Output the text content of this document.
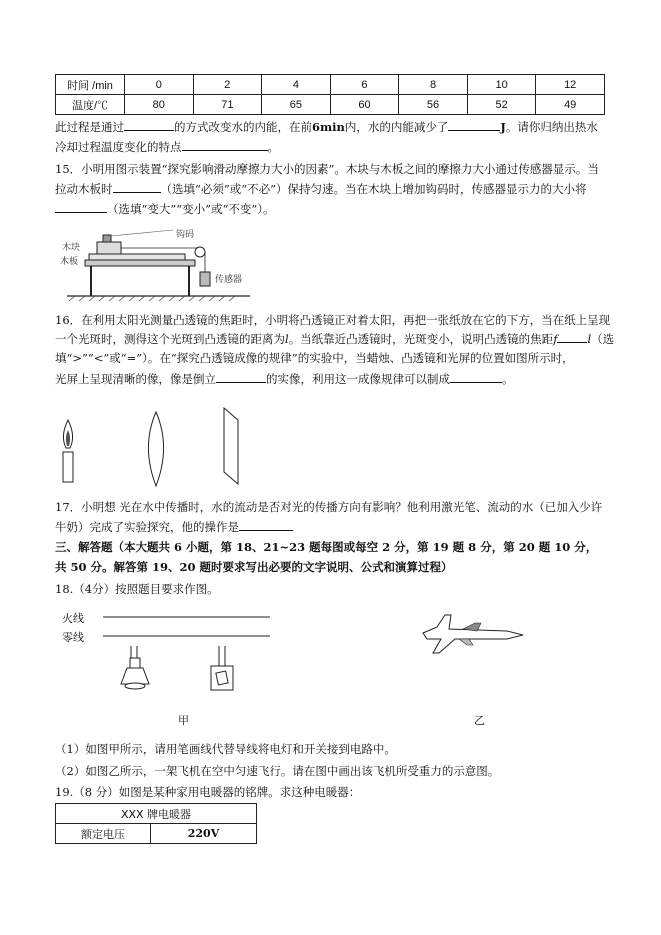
时间 /min	0	2	4	6	8	10	12
温度/℃	80	71	65	60	56	52	49
此过程是通过	的方式改变水的内能，在前6min内，水的内能减少了	J。请你归纳出热水
冷却过程温度变化的特点	。
15．小明用图示装置“探究影响滑动摩擦力大小的因素”。木块与木板之间的摩擦力大小通过传感器显示。当
拉动木板时	（选填“必须”或“不必”）保持匀速。当在木块上增加钩码时，传感器显示力的大小将
（选填“变大”“变小”或“不变”）。
钩码
木块
木板
传感器
16．在利用太阳光测量凸透镜的焦距时，小明将凸透镜正对着太阳，再把一张纸放在它的下方，当在纸上呈现
一个光斑时，测得这个光斑到凸透镜的距离为l。当纸靠近凸透镜时，光斑变小，说明凸透镜的焦距f	l（选
填“>”“<”或“=”）。在“探究凸透镜成像的规律”的实验中，当蜡烛、凸透镜和光屏的位置如图所示时，
光屏上呈现清晰的像，像是倒立	的实像，利用这一成像规律可以制成	。
17．小明想 光在水中传播时，水的流动是否对光的传播方向有影响？他利用激光笔、流动的水（已加入少许
牛奶）完成了实验探究，他的操作是
三、解答题（本大题共 6 小题，第 18、21~23 题每图或每空 2 分，第 19 题 8 分，第 20 题 10 分，
共 50 分。解答第 19、20 题时要求写出必要的文字说明、公式和演算过程）
18.（4分）按照题目要求作图。
火线
零线
甲	乙
（1）如图甲所示，请用笔画线代替导线将电灯和开关接到电路中。
（2）如图乙所示，一架飞机在空中匀速飞行。请在图中画出该飞机所受重力的示意图。
19.（8 分）如图是某种家用电暖器的铭牌。求这种电暖器：
XXX 牌电暖器
额定电压	220V
